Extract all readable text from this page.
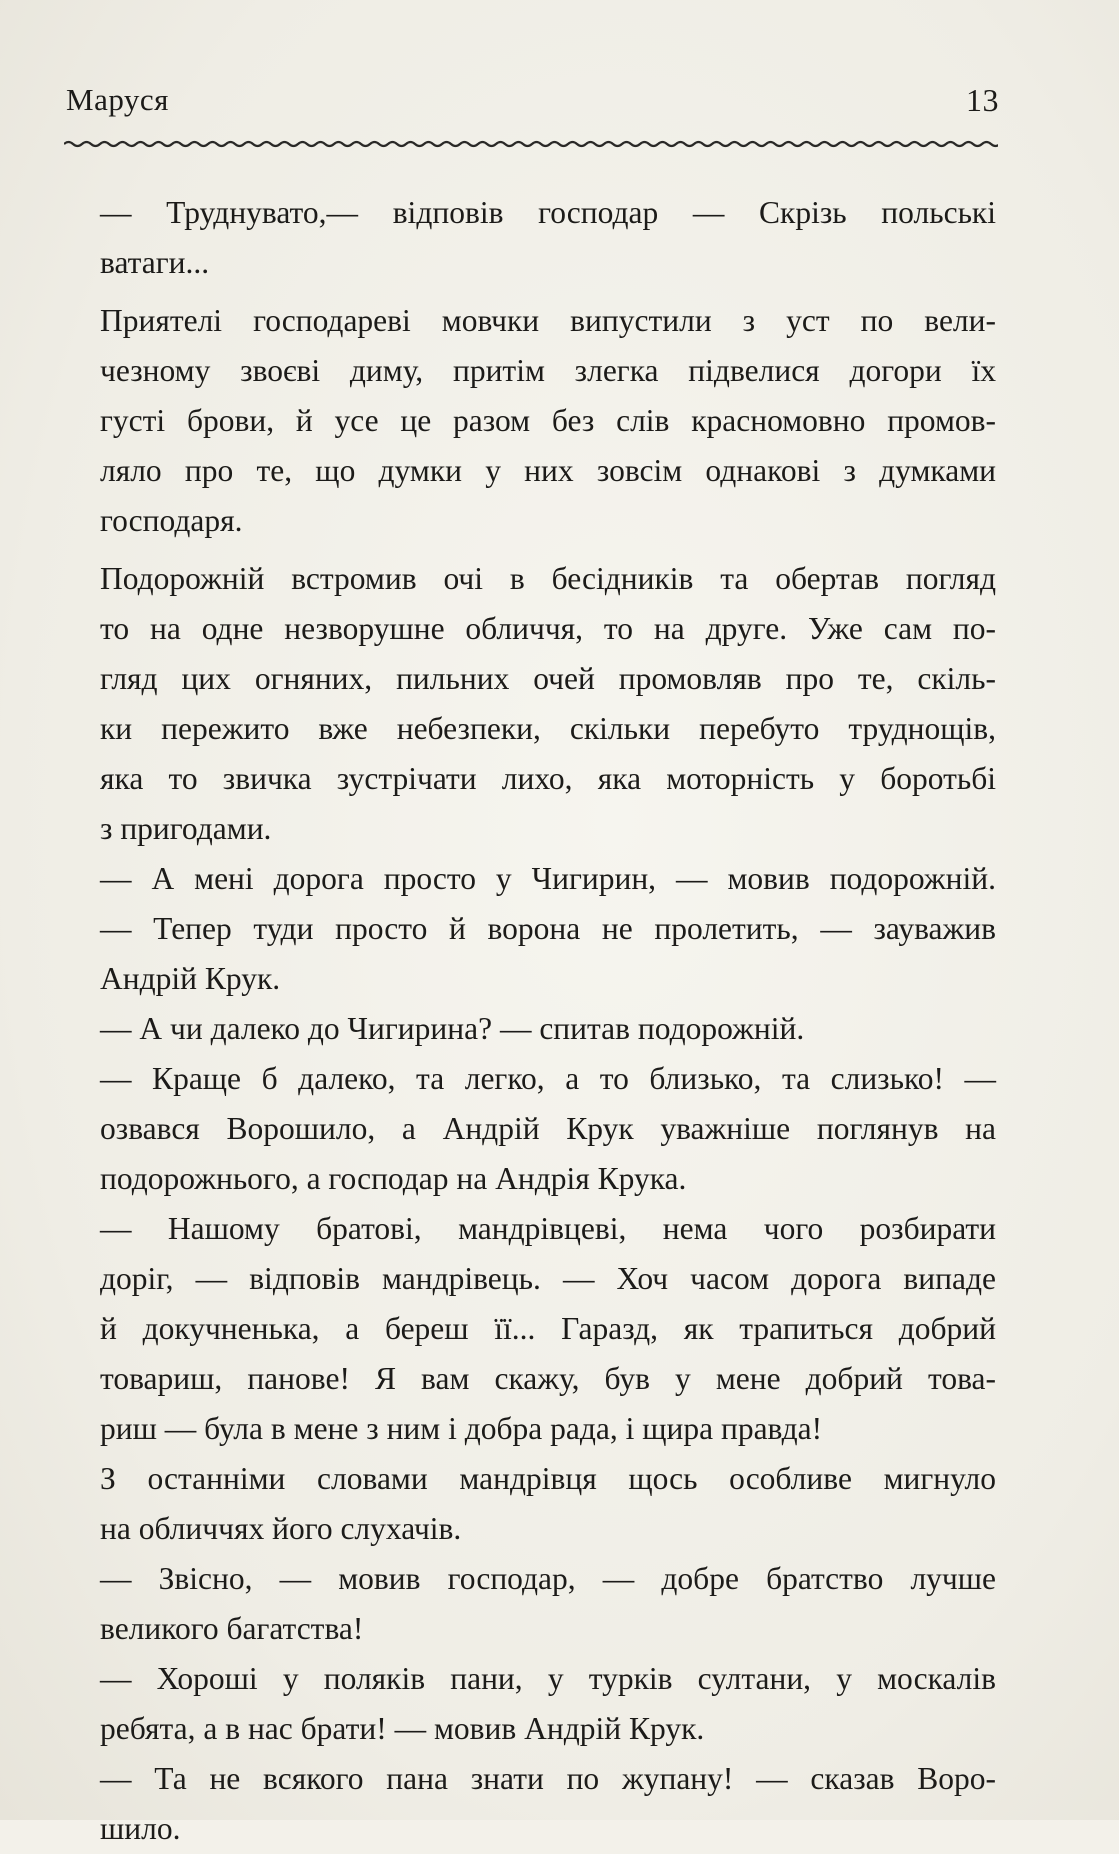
Маруся	13
— Труднувато,— відповів господар — Скрізь польські
ватаги...
Приятелі господареві мовчки випустили з уст по вели-
чезному звоєві диму, притім злегка підвелися догори їх
густі брови, й усе це разом без слів красномовно промов-
ляло про те, що думки у них зовсім однакові з думками
господаря.
Подорожній встромив очі в бесідників та обертав погляд
то на одне незворушне обличчя, то на друге. Уже сам по-
гляд цих огняних, пильних очей промовляв про те, скіль-
ки пережито вже небезпеки, скільки перебуто труднощів,
яка то звичка зустрічати лихо, яка моторність у боротьбі
з пригодами.
— А мені дорога просто у Чигирин, — мовив подорожній.
— Тепер туди просто й ворона не пролетить, — зауважив
Андрій Крук.
— А чи далеко до Чигирина? — спитав подорожній.
— Краще б далеко, та легко, а то близько, та слизько! —
озвався Ворошило, а Андрій Крук уважніше поглянув на
подорожнього, а господар на Андрія Крука.
— Нашому братові, мандрівцеві, нема чого розбирати
доріг, — відповів мандрівець. — Хоч часом дорога випаде
й докучненька, а береш її... Гаразд, як трапиться добрий
товариш, панове! Я вам скажу, був у мене добрий това-
риш — була в мене з ним і добра рада, і щира правда!
З останніми словами мандрівця щось особливе мигнуло
на обличчях його слухачів.
— Звісно, — мовив господар, — добре братство лучше
великого багатства!
— Хороші у поляків пани, у турків султани, у москалів
ребята, а в нас брати! — мовив Андрій Крук.
— Та не всякого пана знати по жупану! — сказав Воро-
шило.
